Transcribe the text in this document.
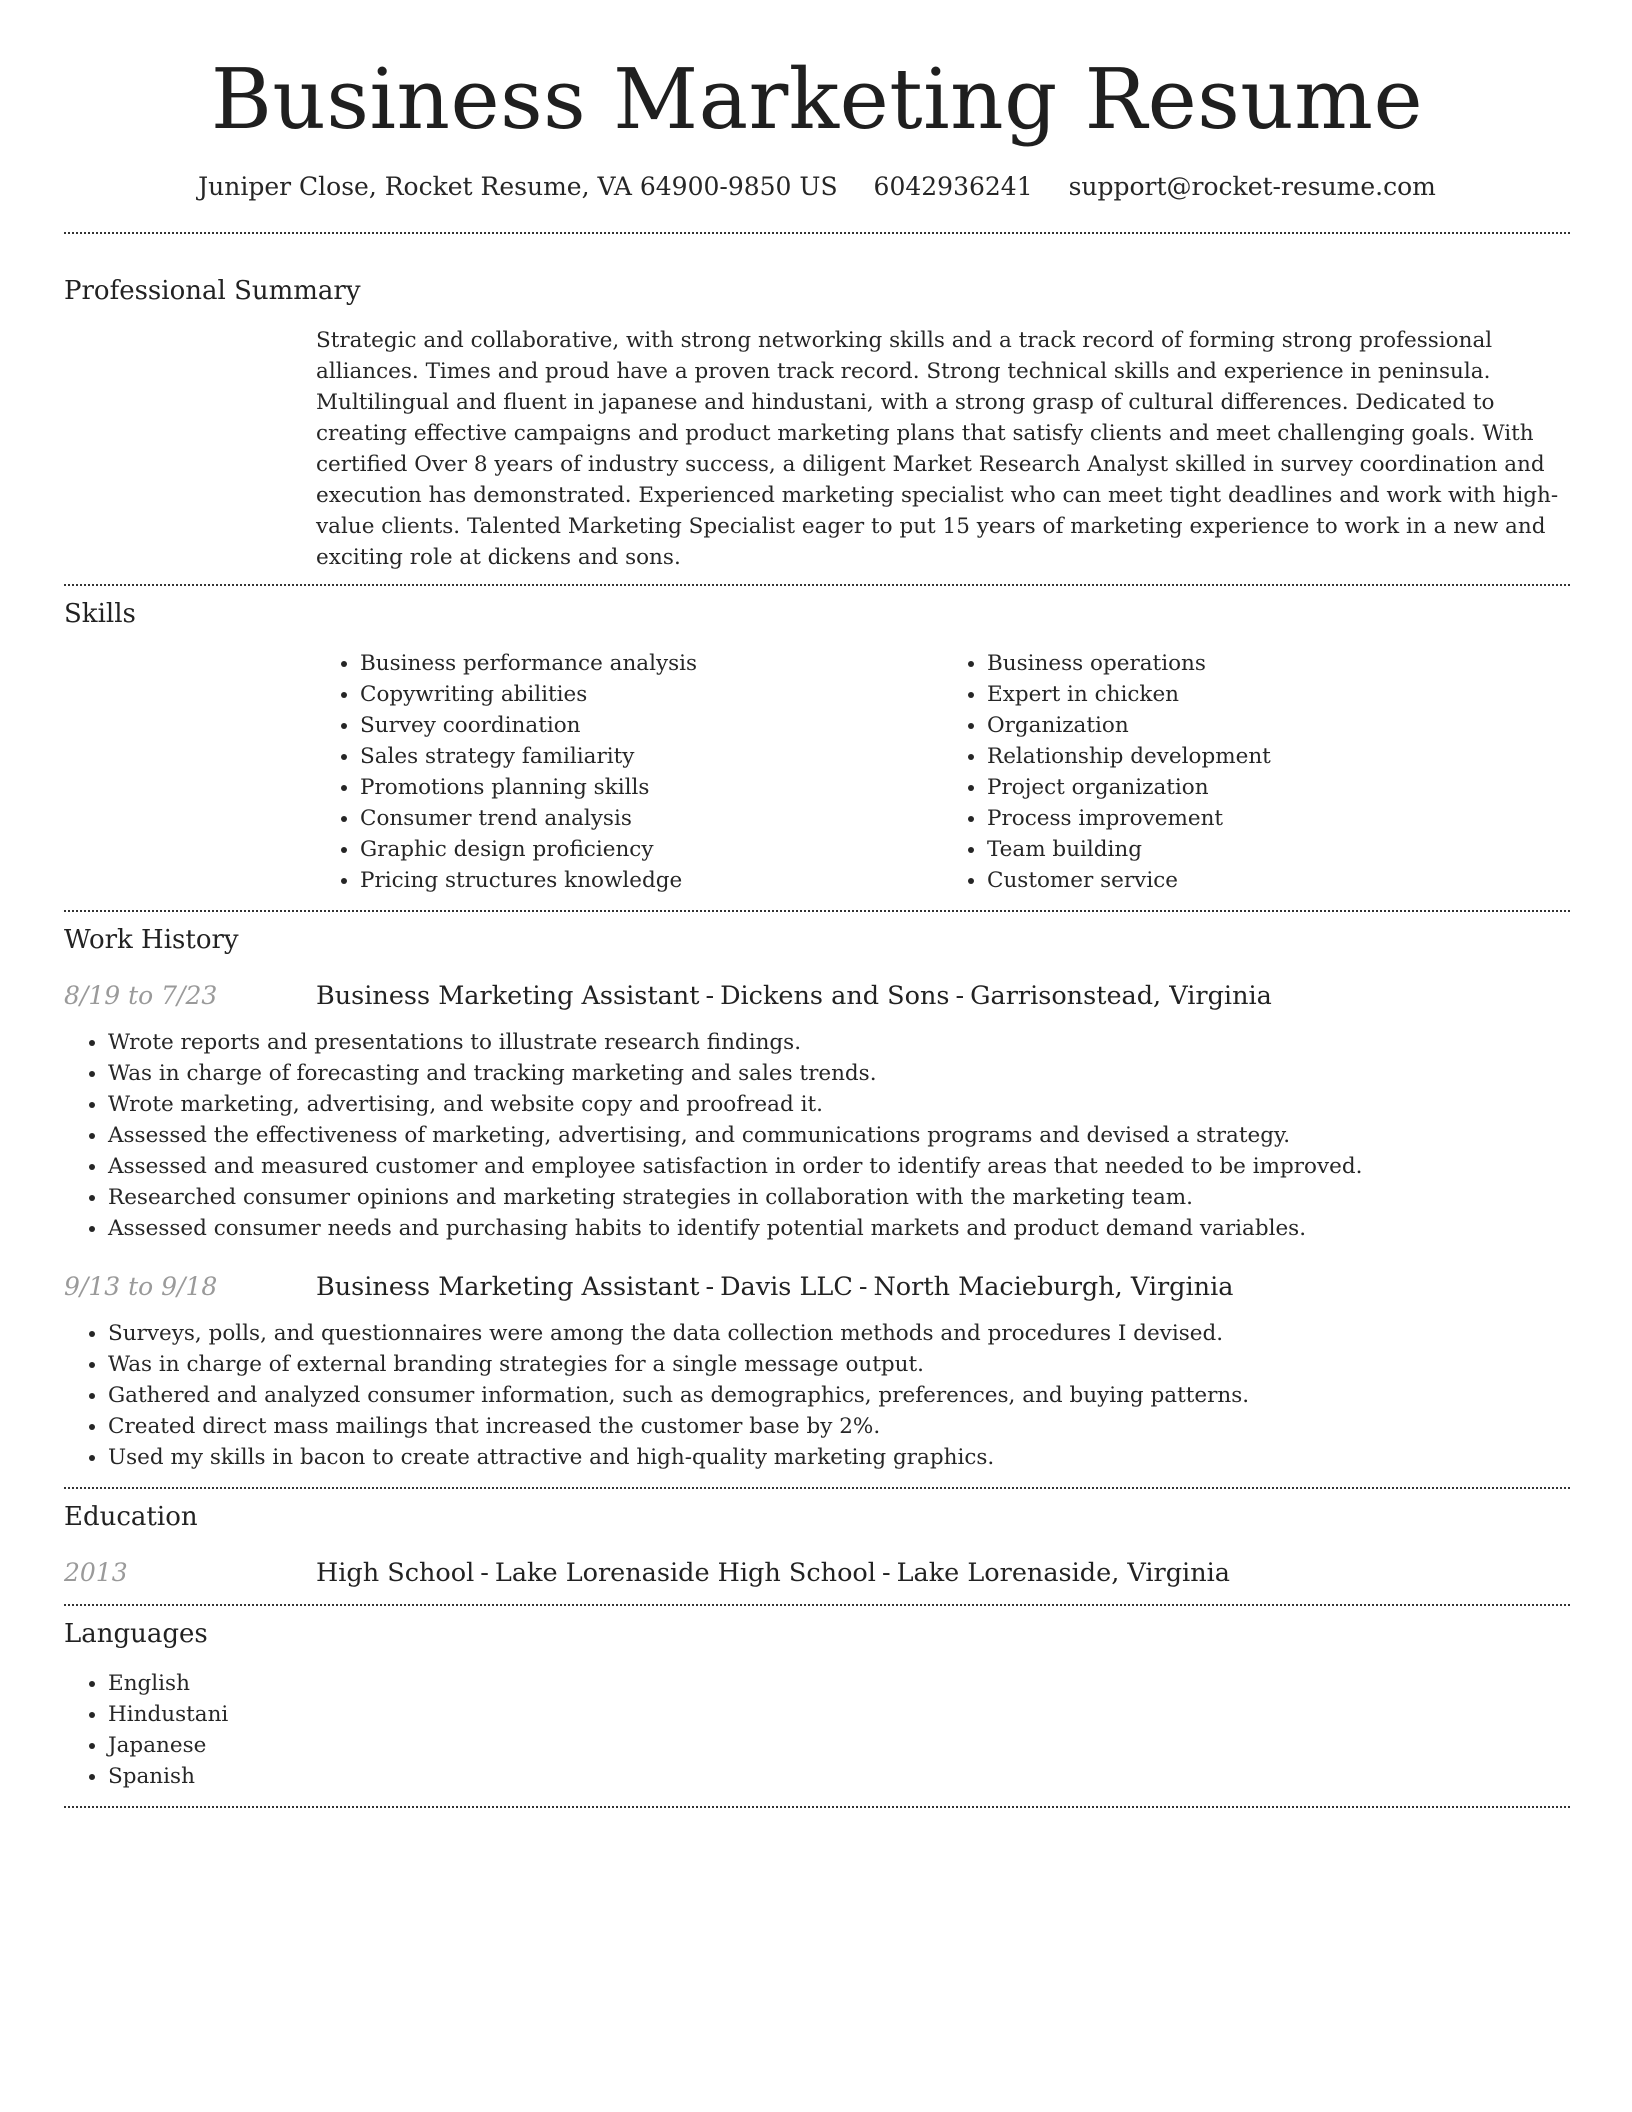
Business Marketing Resume
Juniper Close, Rocket Resume, VA 64900-9850 US 6042936241 support@rocket-resume.com
Professional Summary
Strategic and collaborative, with strong networking skills and a track record of forming strong professional alliances. Times and proud have a proven track record. Strong technical skills and experience in peninsula. Multilingual and fluent in japanese and hindustani, with a strong grasp of cultural differences. Dedicated to creating effective campaigns and product marketing plans that satisfy clients and meet challenging goals. With certified Over 8 years of industry success, a diligent Market Research Analyst skilled in survey coordination and execution has demonstrated. Experienced marketing specialist who can meet tight deadlines and work with high-value clients. Talented Marketing Specialist eager to put 15 years of marketing experience to work in a new and exciting role at dickens and sons.
Skills
• Business performance analysis
• Copywriting abilities
• Survey coordination
• Sales strategy familiarity
• Promotions planning skills
• Consumer trend analysis
• Graphic design proficiency
• Pricing structures knowledge
• Business operations
• Expert in chicken
• Organization
• Relationship development
• Project organization
• Process improvement
• Team building
• Customer service
Work History
8/19 to 7/23	Business Marketing Assistant - Dickens and Sons - Garrisonstead, Virginia
• Wrote reports and presentations to illustrate research findings.
• Was in charge of forecasting and tracking marketing and sales trends.
• Wrote marketing, advertising, and website copy and proofread it.
• Assessed the effectiveness of marketing, advertising, and communications programs and devised a strategy.
• Assessed and measured customer and employee satisfaction in order to identify areas that needed to be improved.
• Researched consumer opinions and marketing strategies in collaboration with the marketing team.
• Assessed consumer needs and purchasing habits to identify potential markets and product demand variables.
9/13 to 9/18	Business Marketing Assistant - Davis LLC - North Macieburgh, Virginia
• Surveys, polls, and questionnaires were among the data collection methods and procedures I devised.
• Was in charge of external branding strategies for a single message output.
• Gathered and analyzed consumer information, such as demographics, preferences, and buying patterns.
• Created direct mass mailings that increased the customer base by 2%.
• Used my skills in bacon to create attractive and high-quality marketing graphics.
Education
2013	High School - Lake Lorenaside High School - Lake Lorenaside, Virginia
Languages
• English
• Hindustani
• Japanese
• Spanish
